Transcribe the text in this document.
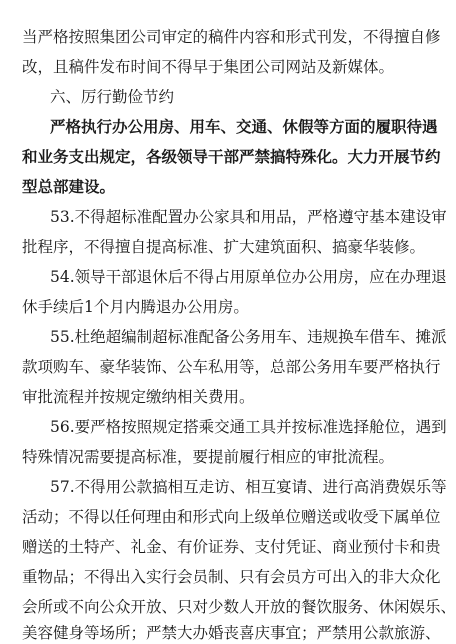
当严格按照集团公司审定的稿件内容和形式刊发，不得擅自修
改，且稿件发布时间不得早于集团公司网站及新媒体。
六、厉行勤俭节约
严格执行办公用房、用车、交通、休假等方面的履职待遇
和业务支出规定，各级领导干部严禁搞特殊化。大力开展节约
型总部建设。
53.不得超标准配置办公家具和用品，严格遵守基本建设审
批程序，不得擅自提高标准、扩大建筑面积、搞豪华装修。
54.领导干部退休后不得占用原单位办公用房，应在办理退
休手续后1个月内腾退办公用房。
55.杜绝超编制超标准配备公务用车、违规换车借车、摊派
款项购车、豪华装饰、公车私用等，总部公务用车要严格执行
审批流程并按规定缴纳相关费用。
56.要严格按照规定搭乘交通工具并按标准选择舱位，遇到
特殊情况需要提高标准，要提前履行相应的审批流程。
57.不得用公款搞相互走访、相互宴请、进行高消费娱乐等
活动；不得以任何理由和形式向上级单位赠送或收受下属单位
赠送的土特产、礼金、有价证券、支付凭证、商业预付卡和贵
重物品；不得出入实行会员制、只有会员方可出入的非大众化
会所或不向公众开放、只对少数人开放的餐饮服务、休闲娱乐、
美容健身等场所；严禁大办婚丧喜庆事宜；严禁用公款旅游、
